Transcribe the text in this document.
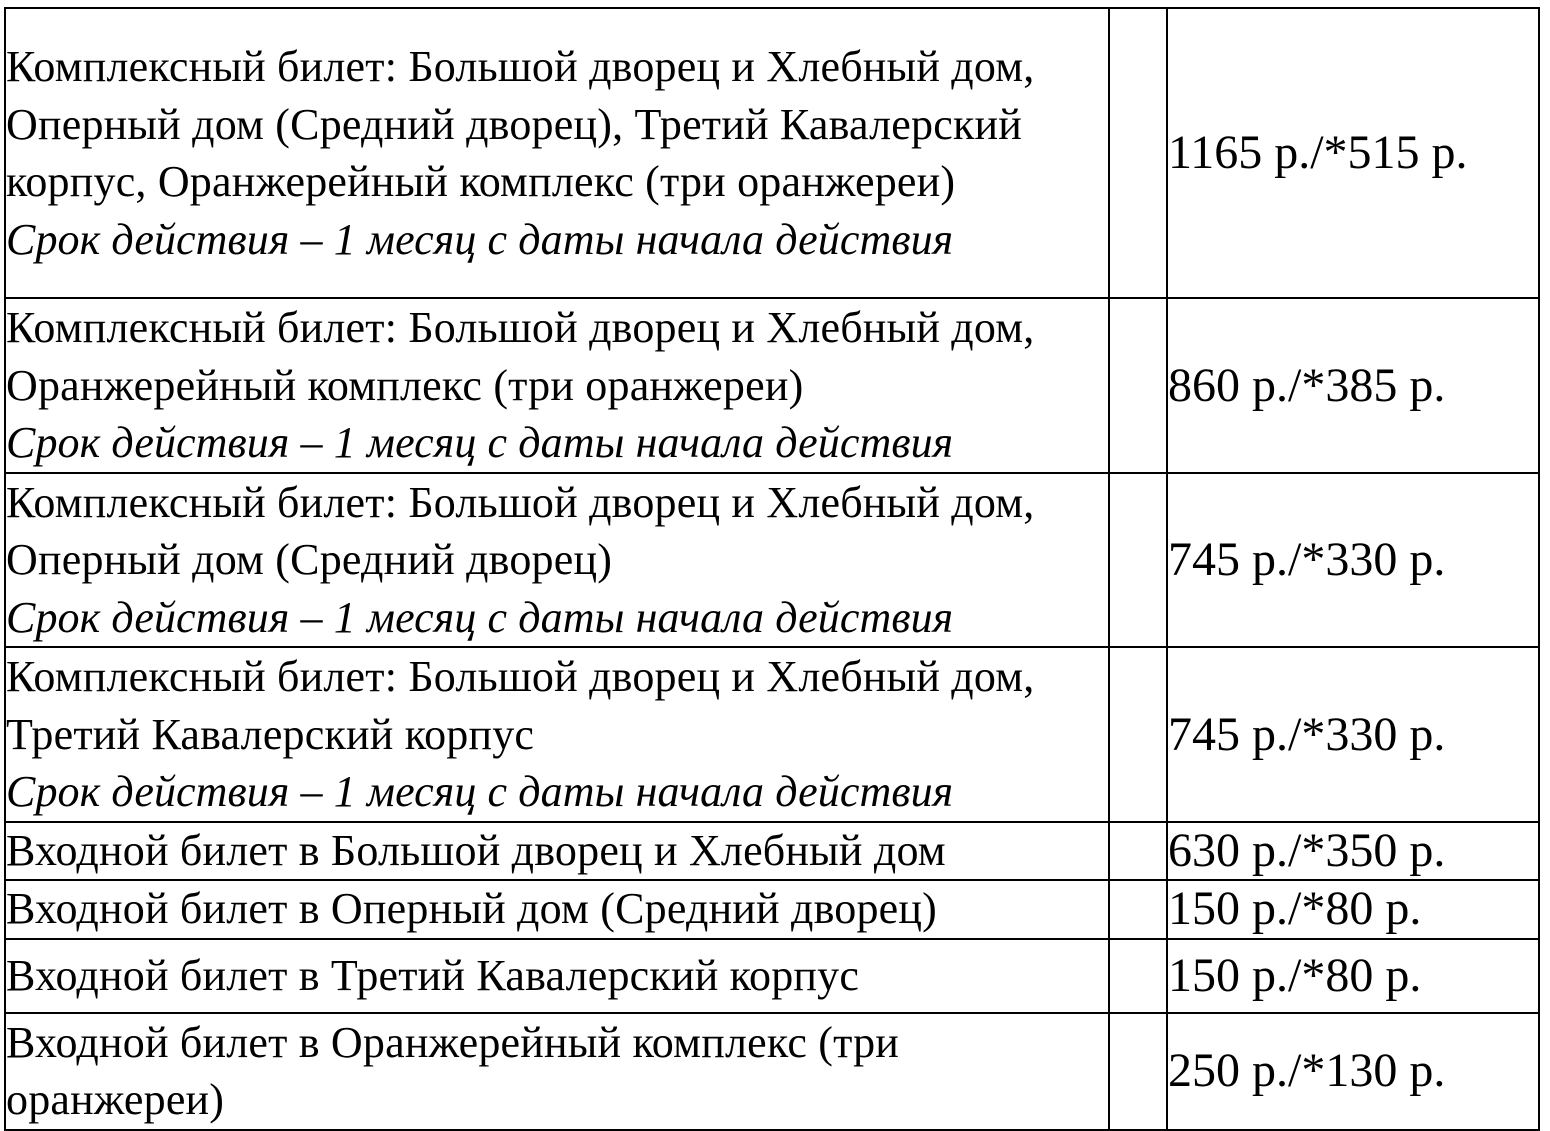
Комплексный билет: Большой дворец и Хлебный дом, Оперный дом (Средний дворец), Третий Кавалерский корпус, Оранжерейный комплекс (три оранжереи)
Срок действия – 1 месяц с даты начала действия		1165 р./*515 р.

Комплексный билет: Большой дворец и Хлебный дом, Оранжерейный комплекс (три оранжереи)
Срок действия – 1 месяц с даты начала действия		860 р./*385 р.

Комплексный билет: Большой дворец и Хлебный дом, Оперный дом (Средний дворец)
Срок действия – 1 месяц с даты начала действия		745 р./*330 р.

Комплексный билет: Большой дворец и Хлебный дом, Третий Кавалерский корпус
Срок действия – 1 месяц с даты начала действия		745 р./*330 р.

Входной билет в Большой дворец и Хлебный дом		630 р./*350 р.

Входной билет в Оперный дом (Средний дворец)		150 р./*80 р.

Входной билет в Третий Кавалерский корпус		150 р./*80 р.

Входной билет в Оранжерейный комплекс (три оранжереи)		250 р./*130 р.
